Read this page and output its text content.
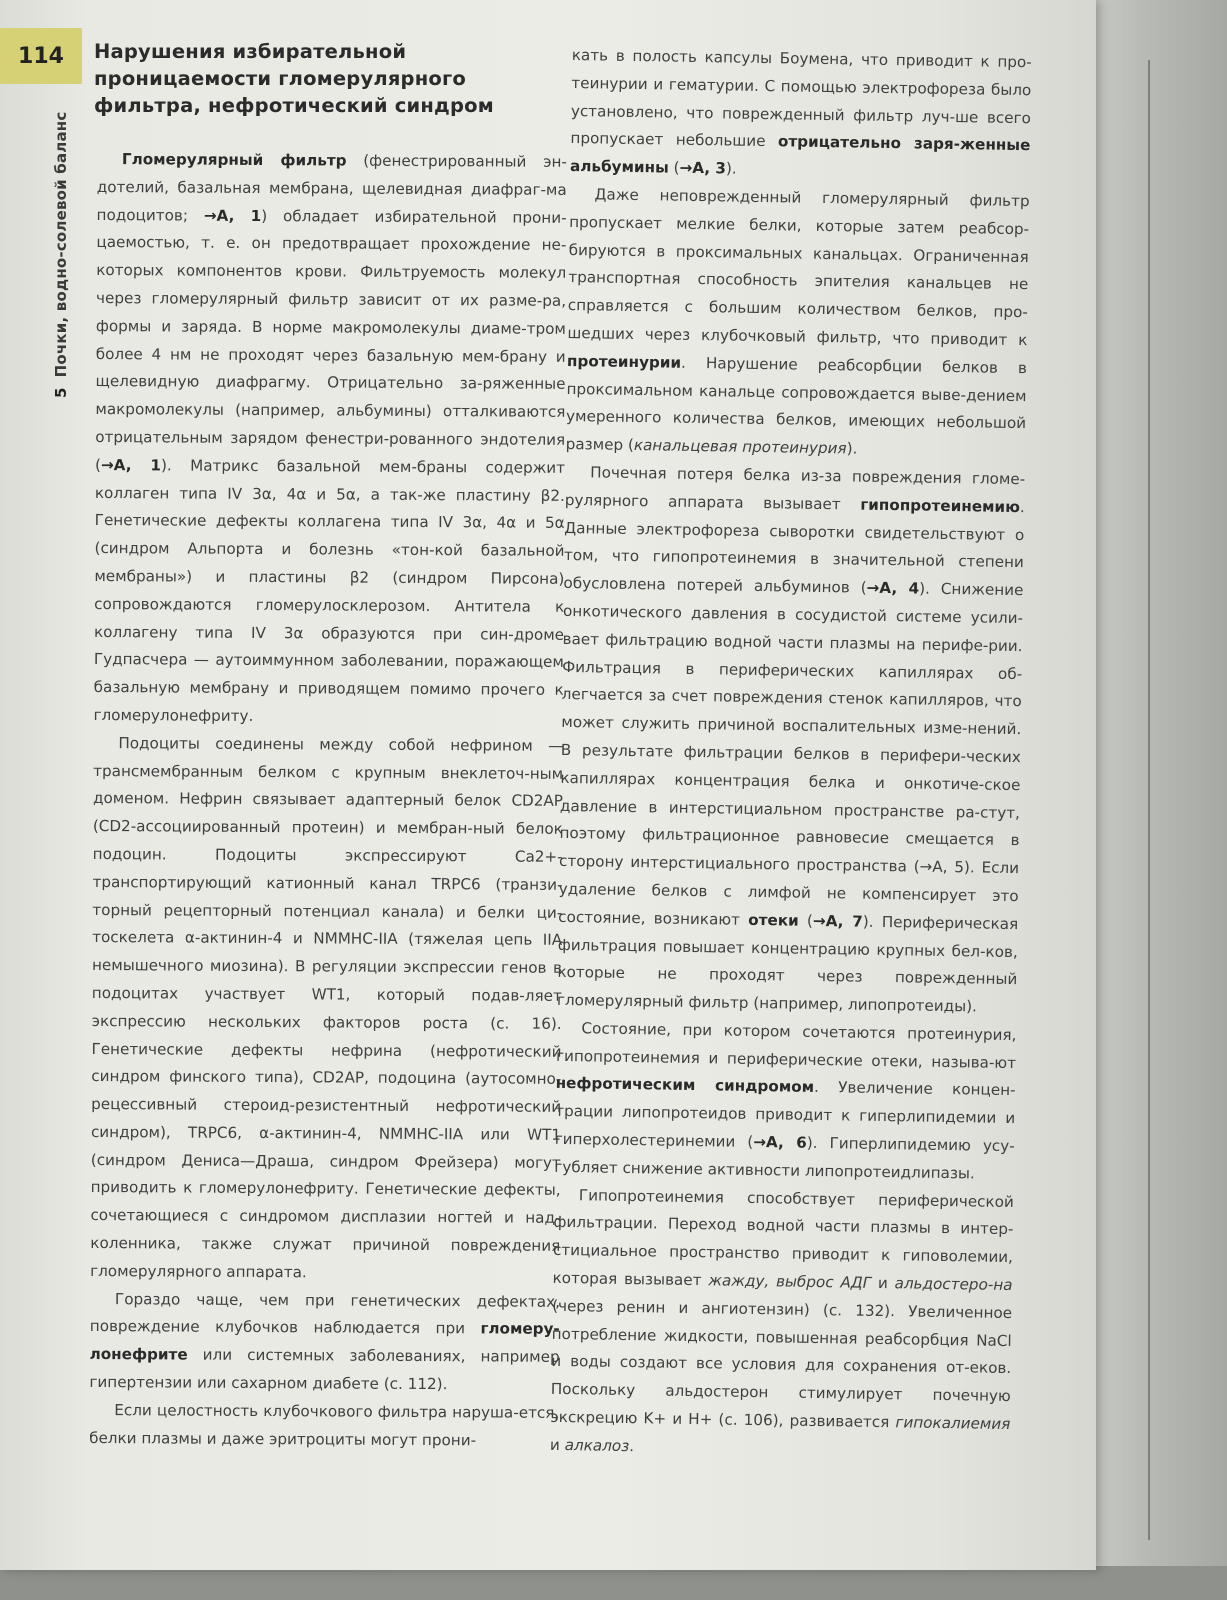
114
5Почки, водно-солевой баланс
Нарушения избирательной проницаемости гломерулярного фильтра, нефротический синдром

Гломерулярный фильтр (фенестрированный эн-дотелий, базальная мембрана, щелевидная диафраг-ма подоцитов; →A, 1) обладает избирательной прони-цаемостью, т. е. он предотвращает прохождение не-которых компонентов крови. Фильтруемость молекул через гломерулярный фильтр зависит от их разме-ра, формы и заряда. В норме макромолекулы диаме-тром более 4 нм не проходят через базальную мем-брану и щелевидную диафрагму. Отрицательно за-ряженные макромолекулы (например, альбумины) отталкиваются отрицательным зарядом фенестри-рованного эндотелия (→A, 1). Матрикс базальной мем-браны содержит коллаген типа IV 3α, 4α и 5α, а так-же пластину β2. Генетические дефекты коллагена типа IV 3α, 4α и 5α (синдром Альпорта и болезнь «тон-кой базальной мембраны») и пластины β2 (синдром Пирсона) сопровождаются гломерулосклерозом. Антитела к коллагену типа IV 3α образуются при син-дроме Гудпасчера — аутоиммунном заболевании, поражающем базальную мембрану и приводящем помимо прочего к гломерулонефриту.

Подоциты соединены между собой нефрином — трансмембранным белком с крупным внеклеточ-ным доменом. Нефрин связывает адаптерный белок CD2AP (CD2-ассоциированный протеин) и мембран-ный белок подоцин. Подоциты экспрессируют Ca2+-транспортирующий катионный канал TRPC6 (транзи-торный рецепторный потенциал канала) и белки ци-тоскелета α-актинин-4 и NMMHC-IIA (тяжелая цепь IIA немышечного миозина). В регуляции экспрессии генов в подоцитах участвует WT1, который подав-ляет экспрессию нескольких факторов роста (с. 16). Генетические дефекты нефрина (нефротический синдром финского типа), CD2AP, подоцина (аутосомно-рецессивный стероид-резистентный нефротический синдром), TRPC6, α-актинин-4, NMMHC-IIA или WT1 (синдром Дениса—Драша, синдром Фрейзера) могут приводить к гломерулонефриту. Генетические дефекты, сочетающиеся с синдромом дисплазии ногтей и над-коленника, также служат причиной повреждения гломерулярного аппарата.

Гораздо чаще, чем при генетических дефектах, повреждение клубочков наблюдается при гломеру-лонефрите или системных заболеваниях, например гипертензии или сахарном диабете (с. 112).

Если целостность клубочкового фильтра наруша-ется, белки плазмы и даже эритроциты могут прони-

кать в полость капсулы Боумена, что приводит к про-теинурии и гематурии. С помощью электрофореза было установлено, что поврежденный фильтр луч-ше всего пропускает небольшие отрицательно заря-женные альбумины (→A, 3).

Даже неповрежденный гломерулярный фильтр пропускает мелкие белки, которые затем реабсор-бируются в проксимальных канальцах. Ограниченная транспортная способность эпителия канальцев не справляется с большим количеством белков, про-шедших через клубочковый фильтр, что приводит к протеинурии. Нарушение реабсорбции белков в проксимальном канальце сопровождается выве-дением умеренного количества белков, имеющих небольшой размер (канальцевая протеинурия).

Почечная потеря белка из-за повреждения гломе-рулярного аппарата вызывает гипопротеинемию. Данные электрофореза сыворотки свидетельствуют о том, что гипопротеинемия в значительной степени обусловлена потерей альбуминов (→A, 4). Снижение онкотического давления в сосудистой системе усили-вает фильтрацию водной части плазмы на перифе-рии. Фильтрация в периферических капиллярах об-легчается за счет повреждения стенок капилляров, что может служить причиной воспалительных изме-нений. В результате фильтрации белков в перифери-ческих капиллярах концентрация белка и онкотиче-ское давление в интерстициальном пространстве ра-стут, поэтому фильтрационное равновесие смещается в сторону интерстициального пространства (→A, 5). Если удаление белков с лимфой не компенсирует это состояние, возникают отеки (→A, 7). Периферическая фильтрация повышает концентрацию крупных бел-ков, которые не проходят через поврежденный гломерулярный фильтр (например, липопротеиды).

Состояние, при котором сочетаются протеинурия, гипопротеинемия и периферические отеки, называ-ют нефротическим синдромом. Увеличение концен-трации липопротеидов приводит к гиперлипидемии и гиперхолестеринемии (→A, 6). Гиперлипидемию усу-губляет снижение активности липопротеидлипазы.

Гипопротеинемия способствует периферической фильтрации. Переход водной части плазмы в интер-стициальное пространство приводит к гиповолемии, которая вызывает жажду, выброс АДГ и альдостеро-на (через ренин и ангиотензин) (с. 132). Увеличенное потребление жидкости, повышенная реабсорбция NaCl и воды создают все условия для сохранения от-еков. Поскольку альдостерон стимулирует почечную экскрецию K+ и H+ (с. 106), развивается гипокалиемия и алкалоз.
